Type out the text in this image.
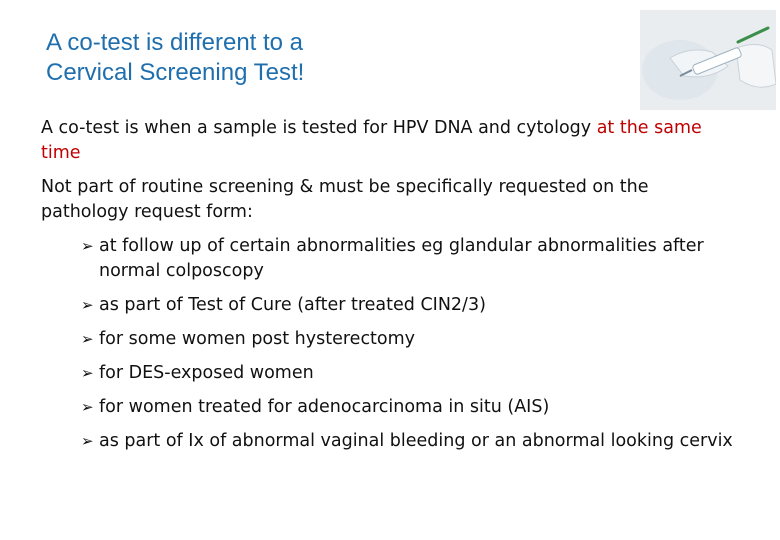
A co-test is different to a
Cervical Screening Test!

A co-test is when a sample is tested for HPV DNA and cytology at the same time

Not part of routine screening & must be specifically requested on the pathology request form:

➢ at follow up of certain abnormalities eg glandular abnormalities after normal colposcopy
➢ as part of Test of Cure (after treated CIN2/3)
➢ for some women post hysterectomy
➢ for DES-exposed women
➢ for women treated for adenocarcinoma in situ (AIS)
➢ as part of Ix of abnormal vaginal bleeding or an abnormal looking cervix
